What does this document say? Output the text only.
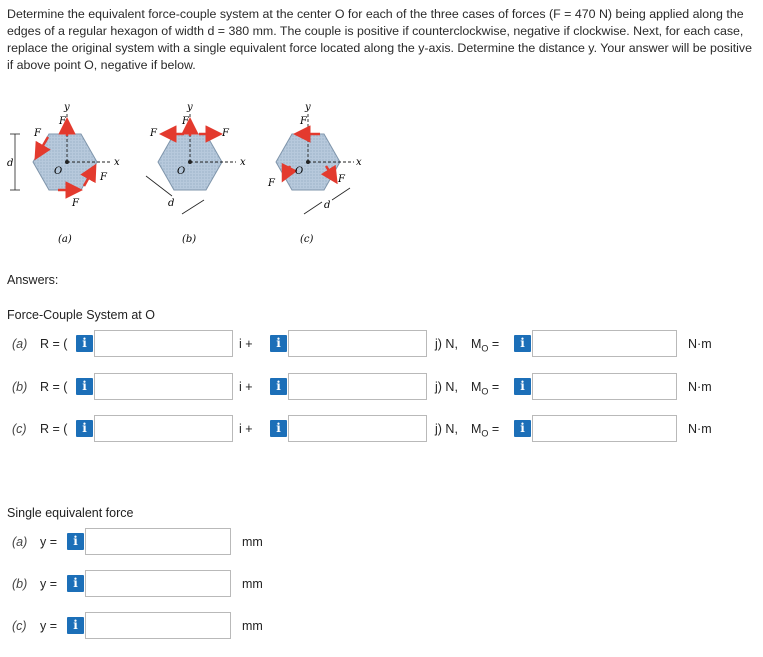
Determine the equivalent force-couple system at the center O for each of the three cases of forces (F = 470 N) being applied along the edges of a regular hexagon of width d = 380 mm. The couple is positive if counterclockwise, negative if clockwise. Next, for each case, replace the original system with a single equivalent force located along the y-axis. Determine the distance y. Your answer will be positive if above point O, negative if below.
y
F
F
F
F
O
x
d
(a)
y
F
F	F
O
x
d
(b)
y
F
F	F
O
x
d
(c)
Answers:
Force-Couple System at O
(a) R = (	i	i +	i	j) N, $M_O$ =	i	N·m
(b) R = (	i	i +	i	j) N, $M_O$ =	i	N·m
(c) R = (	i	i +	i	j) N, $M_O$ =	i	N·m
Single equivalent force
(a) y =	i	mm
(b) y =	i	mm
(c) y =	i	mm
